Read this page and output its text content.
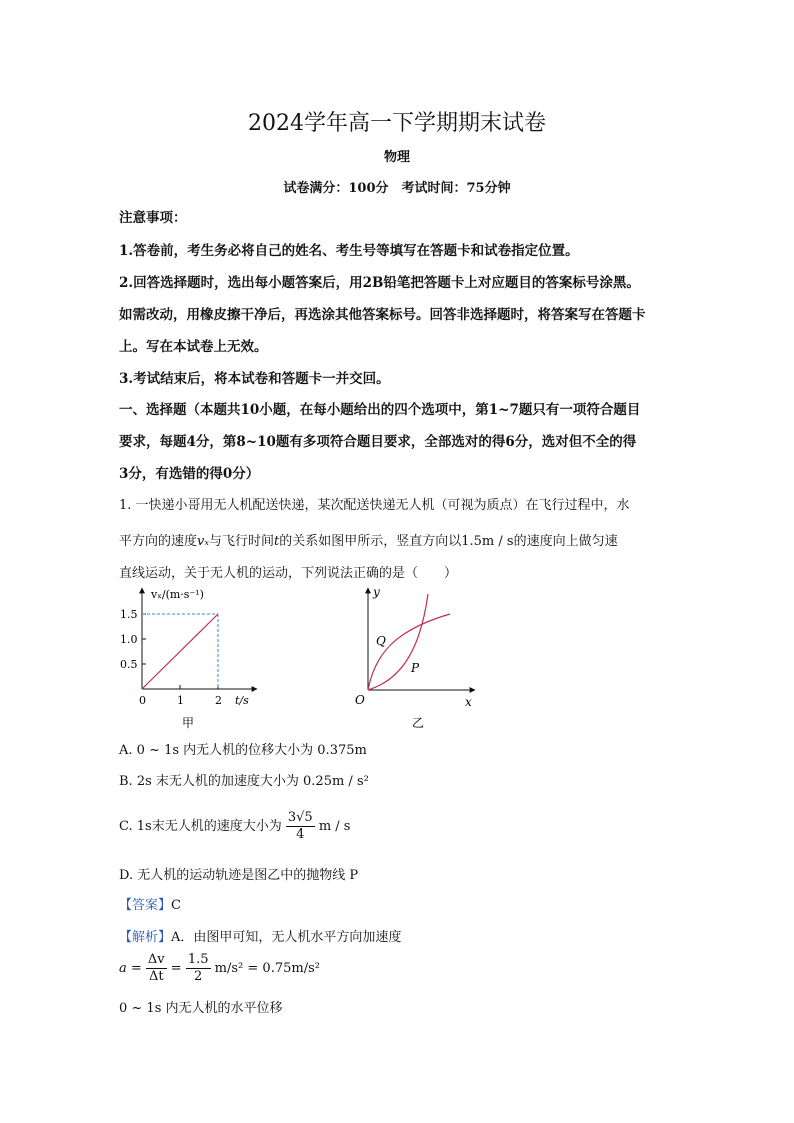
2024学年高一下学期期末试卷
物理
试卷满分：100分　考试时间：75分钟
注意事项：
1.答卷前，考生务必将自己的姓名、考生号等填写在答题卡和试卷指定位置。
2.回答选择题时，选出每小题答案后，用2B铅笔把答题卡上对应题目的答案标号涂黑。
如需改动，用橡皮擦干净后，再选涂其他答案标号。回答非选择题时，将答案写在答题卡
上。写在本试卷上无效。
3.考试结束后，将本试卷和答题卡一并交回。
一、选择题（本题共10小题，在每小题给出的四个选项中，第1~7题只有一项符合题目
要求，每题4分，第8~10题有多项符合题目要求，全部选对的得6分，选对但不全的得
3分，有选错的得0分）
1. 一快递小哥用无人机配送快递，某次配送快递无人机（可视为质点）在飞行过程中，水
平方向的速度vₓ与飞行时间t的关系如图甲所示，竖直方向以1.5m / s的速度向上做匀速
直线运动，关于无人机的运动，下列说法正确的是（　　）
1.5
1.0
0.5
0	1	2
vₓ/(m·s⁻¹)
t/s
甲
y
x
O
Q
P
乙
A. 0 ~ 1s 内无人机的位移大小为 0.375m
B. 2s 末无人机的加速度大小为 0.25m / s²
C. 1s末无人机的速度大小为 $\frac{3√5}{4}$ m / s
D. 无人机的运动轨迹是图乙中的抛物线 P
【答案】C
【解析】A．由图甲可知，无人机水平方向加速度
$a = \frac{\Delta v}{\Delta t} = \frac{1.5}{2} m/s^2 = 0.75m/s^2$
0 ~ 1s 内无人机的水平位移
